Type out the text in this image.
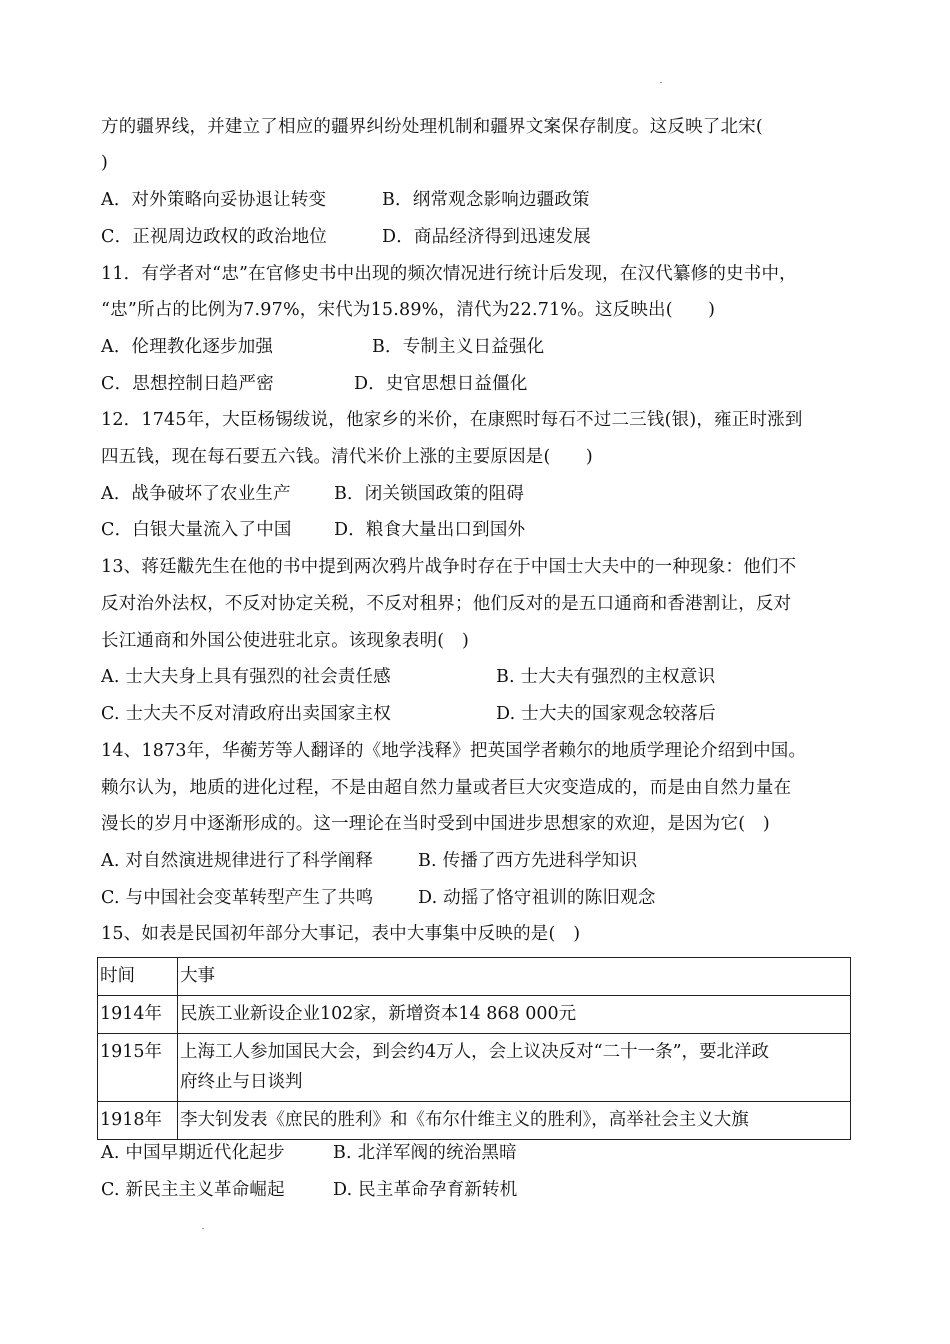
方的疆界线，并建立了相应的疆界纠纷处理机制和疆界文案保存制度。这反映了北宋(
)
A．对外策略向妥协退让转变	B．纲常观念影响边疆政策
C．正视周边政权的政治地位	D．商品经济得到迅速发展
11．有学者对“忠”在官修史书中出现的频次情况进行统计后发现，在汉代纂修的史书中，
“忠”所占的比例为7.97%，宋代为15.89%，清代为22.71%。这反映出(　　)
A．伦理教化逐步加强	B．专制主义日益强化
C．思想控制日趋严密	D．史官思想日益僵化
12．1745年，大臣杨锡绂说，他家乡的米价，在康熙时每石不过二三钱(银)，雍正时涨到
四五钱，现在每石要五六钱。清代米价上涨的主要原因是(　　)
A．战争破坏了农业生产 B．闭关锁国政策的阻碍
C．白银大量流入了中国 D．粮食大量出口到国外
13、蒋廷黻先生在他的书中提到两次鸦片战争时存在于中国士大夫中的一种现象：他们不
反对治外法权，不反对协定关税，不反对租界；他们反对的是五口通商和香港割让，反对
长江通商和外国公使进驻北京。该现象表明(　)
A. 士大夫身上具有强烈的社会责任感	B. 士大夫有强烈的主权意识
C. 士大夫不反对清政府出卖国家主权	D. 士大夫的国家观念较落后
14、1873年，华蘅芳等人翻译的《地学浅释》把英国学者赖尔的地质学理论介绍到中国。
赖尔认为，地质的进化过程，不是由超自然力量或者巨大灾变造成的，而是由自然力量在
漫长的岁月中逐渐形成的。这一理论在当时受到中国进步思想家的欢迎，是因为它(　)
A. 对自然演进规律进行了科学阐释	B. 传播了西方先进科学知识
C. 与中国社会变革转型产生了共鸣	D. 动摇了恪守祖训的陈旧观念
15、如表是民国初年部分大事记，表中大事集中反映的是(　)
时间	大事
1914年	民族工业新设企业102家，新增资本14 868 000元
1915年	上海工人参加国民大会，到会约4万人，会上议决反对“二十一条”，要北洋政
府终止与日谈判

1918年	李大钊发表《庶民的胜利》和《布尔什维主义的胜利》，高举社会主义大旗
A. 中国早期近代化起步	B. 北洋军阀的统治黑暗
C. 新民主主义革命崛起	D. 民主革命孕育新转机
